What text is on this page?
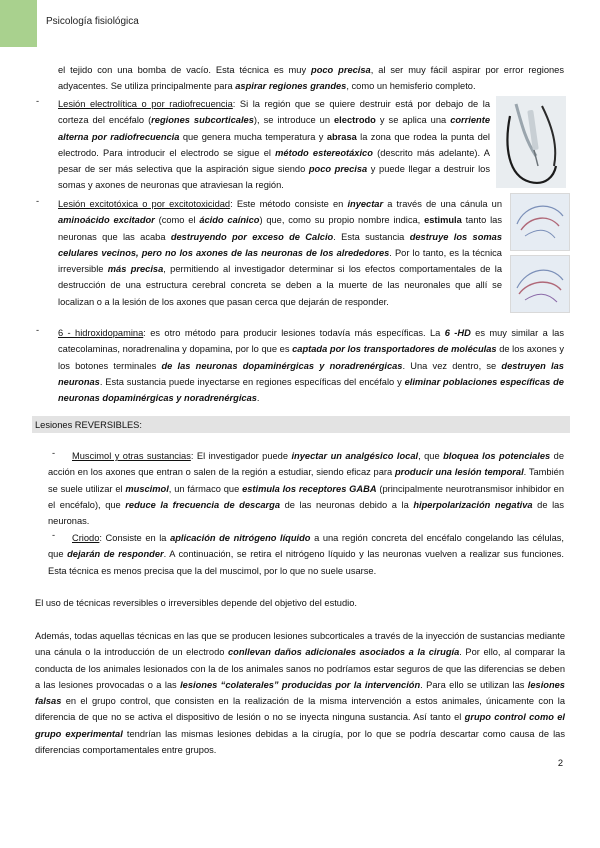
Psicología fisiológica

el tejido con una bomba de vacío. Esta técnica es muy poco precisa, al ser muy fácil aspirar por error regiones adyacentes. Se utiliza principalmente para aspirar regiones grandes, como un hemisferio completo.

- Lesión electrolítica o por radiofrecuencia: Si la región que se quiere destruir está por debajo de la corteza del encéfalo (regiones subcorticales), se introduce un electrodo y se aplica una corriente alterna por radiofrecuencia que genera mucha temperatura y abrasa la zona que rodea la punta del electrodo. Para introducir el electrodo se sigue el método estereotáxico (descrito más adelante). A pesar de ser más selectiva que la aspiración sigue siendo poco precisa y puede llegar a destruir los somas y axones de neuronas que atraviesan la región.

- Lesión excitotóxica o por excitotoxicidad: Este método consiste en inyectar a través de una cánula un aminoácido excitador (como el ácido caínico) que, como su propio nombre indica, estimula tanto las neuronas que las acaba destruyendo por exceso de Calcio. Esta sustancia destruye los somas celulares vecinos, pero no los axones de las neuronas de los alrededores. Por lo tanto, es la técnica irreversible más precisa, permitiendo al investigador determinar si los efectos comportamentales de la destrucción de una estructura cerebral concreta se deben a la muerte de las neuronales que allí se localizan o a la lesión de los axones que pasan cerca que dejarán de responder.

- 6 - hidroxidopamina: es otro método para producir lesiones todavía más específicas. La 6 -HD es muy similar a las catecolaminas, noradrenalina y dopamina, por lo que es captada por los transportadores de moléculas de los axones y los botones terminales de las neuronas dopaminérgicas y noradrenérgicas. Una vez dentro, se destruyen las neuronas. Esta sustancia puede inyectarse en regiones específicas del encéfalo y eliminar poblaciones específicas de neuronas dopaminérgicas y noradrenérgicas.

Lesiones REVERSIBLES:
-	Muscimol y otras sustancias: El investigador puede inyectar un analgésico local, que bloquea los potenciales de acción en los axones que entran o salen de la región a estudiar, siendo eficaz para producir una lesión temporal. También se suele utilizar el muscimol, un fármaco que estimula los receptores GABA (principalmente neurotransmisor inhibidor en el encéfalo), que reduce la frecuencia de descarga de las neuronas debido a la hiperpolarización negativa de las neuronas.

-	Criodo: Consiste en la aplicación de nitrógeno líquido a una región concreta del encéfalo congelando las células, que dejarán de responder. A continuación, se retira el nitrógeno líquido y las neuronas vuelven a realizar sus funciones. Esta técnica es menos precisa que la del muscimol, por lo que no suele usarse.

El uso de técnicas reversibles o irreversibles depende del objetivo del estudio.

Además, todas aquellas técnicas en las que se producen lesiones subcorticales a través de la inyección de sustancias mediante una cánula o la introducción de un electrodo conllevan daños adicionales asociados a la cirugía. Por ello, al comparar la conducta de los animales lesionados con la de los animales sanos no podríamos estar seguros de que las diferencias se deben a las lesiones provocadas o a las lesiones “colaterales” producidas por la intervención. Para ello se utilizan las lesiones falsas en el grupo control, que consisten en la realización de la misma intervención a estos animales, únicamente con la diferencia de que no se activa el dispositivo de lesión o no se inyecta ninguna sustancia. Así tanto el grupo control como el grupo experimental tendrían las mismas lesiones debidas a la cirugía, por lo que se podría descartar como causa de las diferencias comportamentales entre grupos.

2
